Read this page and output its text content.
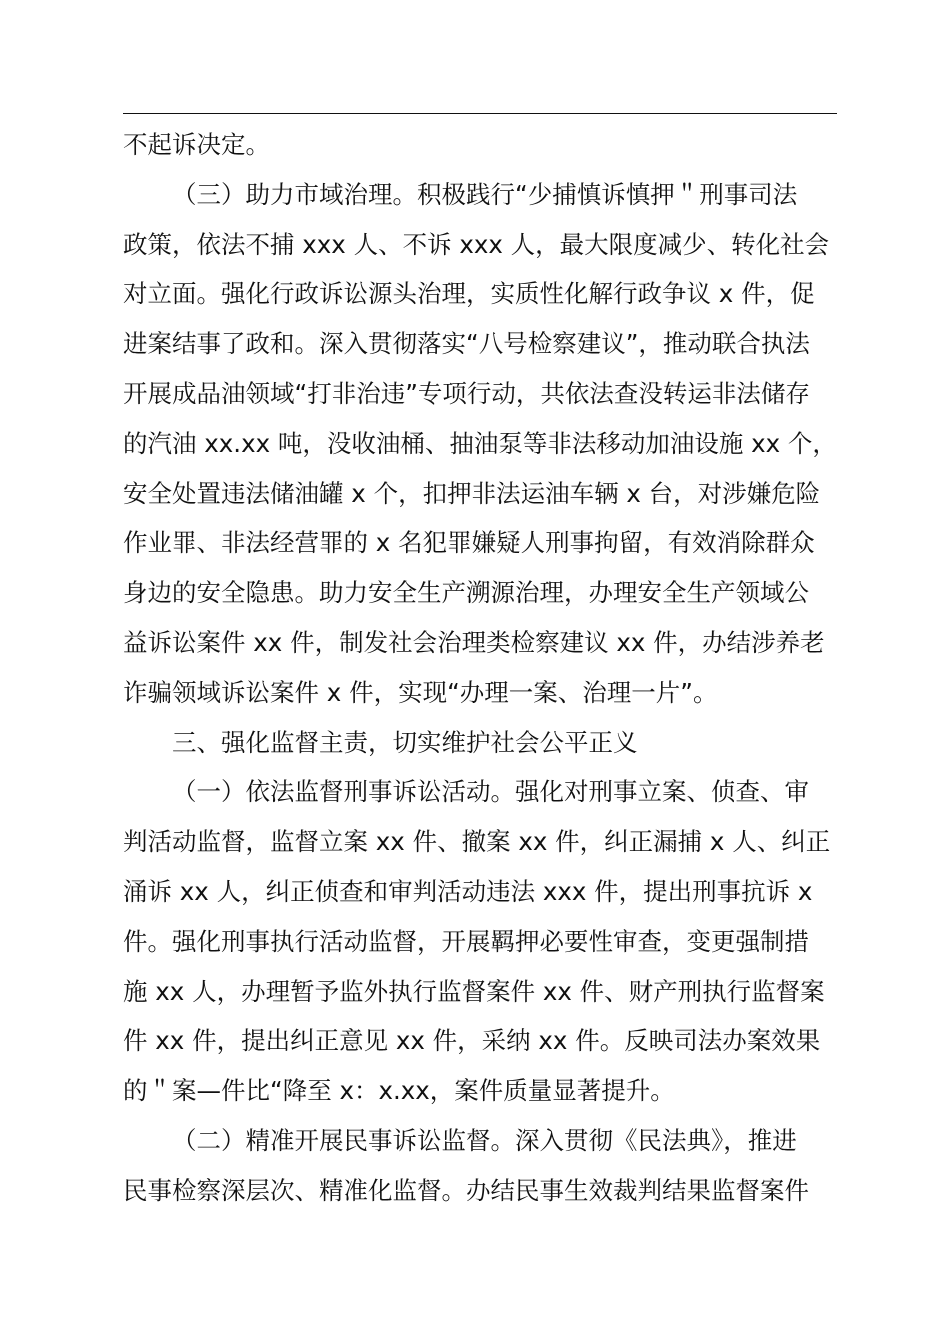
不起诉决定。
（三）助力市域治理。积极践行“少捕慎诉慎押＂刑事司法
政策，依法不捕 xxx 人、不诉 xxx 人，最大限度减少、转化社会
对立面。强化行政诉讼源头治理，实质性化解行政争议 x 件，促
进案结事了政和。深入贯彻落实“八号检察建议”，推动联合执法
开展成品油领域“打非治违”专项行动，共依法查没转运非法储存
的汽油 xx.xx 吨，没收油桶、抽油泵等非法移动加油设施 xx 个，
安全处置违法储油罐 x 个，扣押非法运油车辆 x 台，对涉嫌危险
作业罪、非法经营罪的 x 名犯罪嫌疑人刑事拘留，有效消除群众
身边的安全隐患。助力安全生产溯源治理，办理安全生产领域公
益诉讼案件 xx 件，制发社会治理类检察建议 xx 件，办结涉养老
诈骗领域诉讼案件 x 件，实现“办理一案、治理一片”。
三、强化监督主责，切实维护社会公平正义
（一）依法监督刑事诉讼活动。强化对刑事立案、侦查、审
判活动监督，监督立案 xx 件、撤案 xx 件，纠正漏捕 x 人、纠正
涌诉 xx 人，纠正侦查和审判活动违法 xxx 件，提出刑事抗诉 x
件。强化刑事执行活动监督，开展羁押必要性审查，变更强制措
施 xx 人，办理暂予监外执行监督案件 xx 件、财产刑执行监督案
件 xx 件，提出纠正意见 xx 件，采纳 xx 件。反映司法办案效果
的＂案—件比“降至 x：x.xx，案件质量显著提升。
（二）精准开展民事诉讼监督。深入贯彻《民法典》，推进
民事检察深层次、精准化监督。办结民事生效裁判结果监督案件
